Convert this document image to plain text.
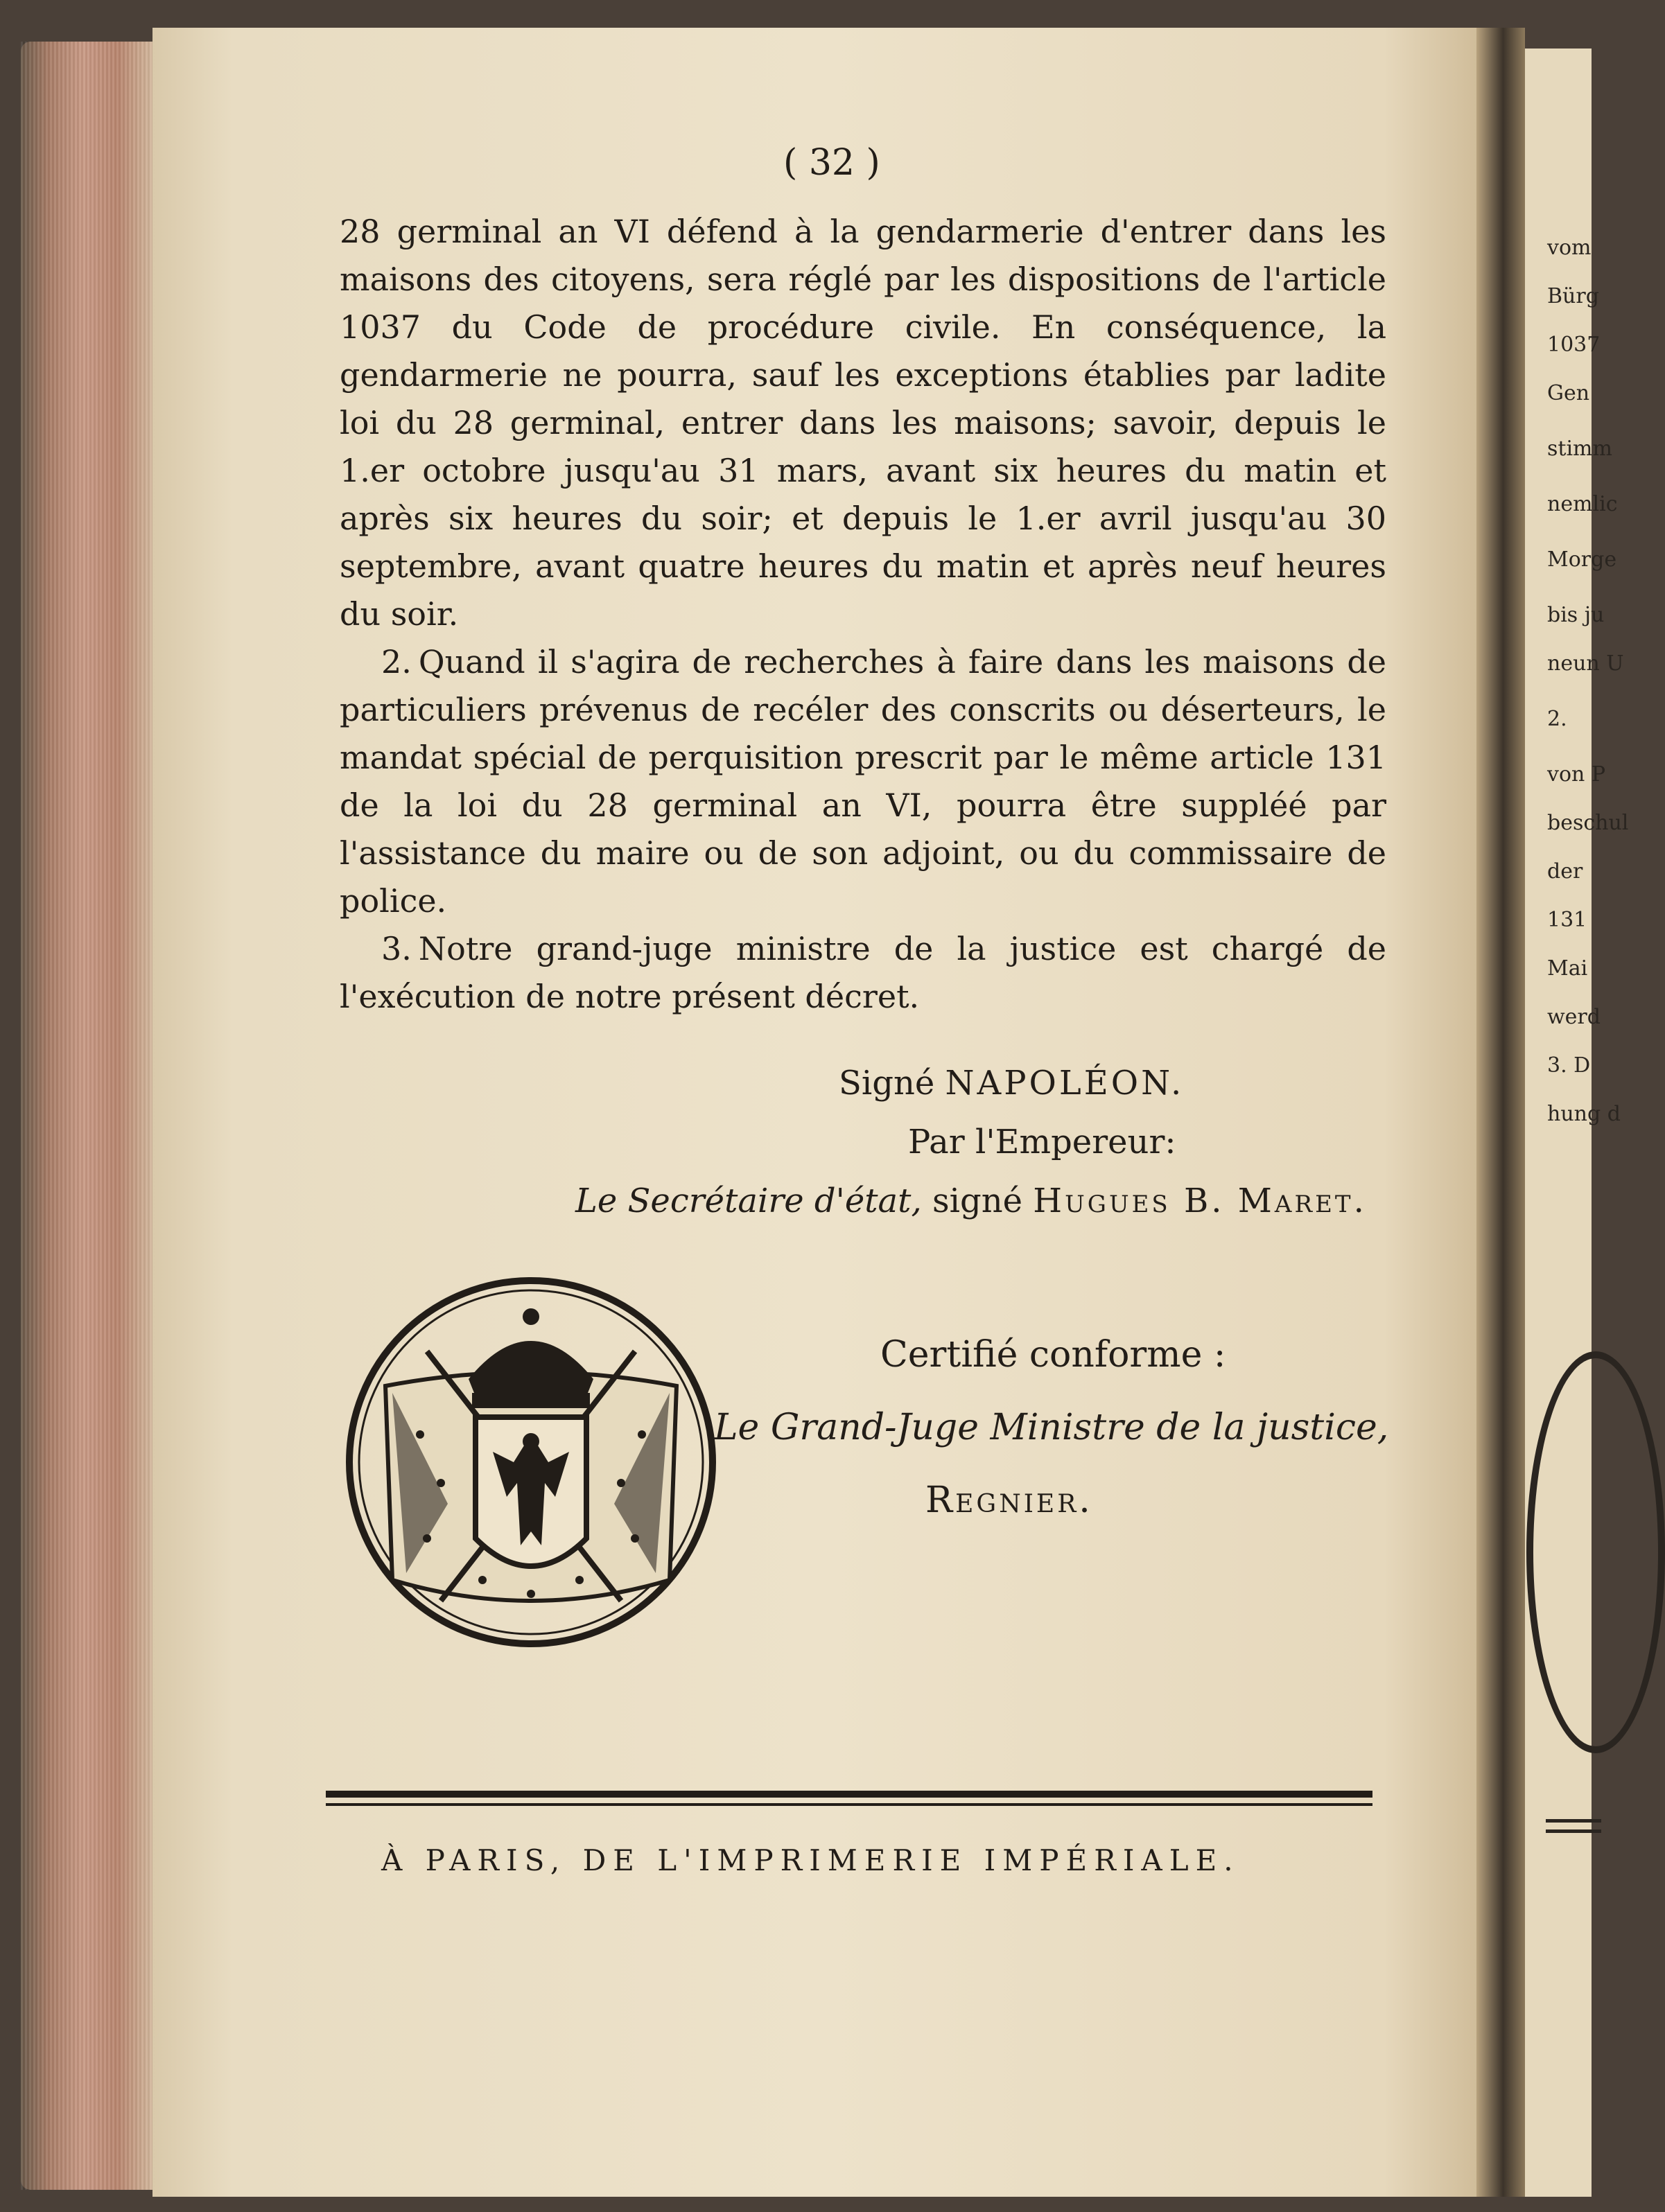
vom
Bürg
1037
Gen
stimm
nemlic
Morge
bis ju
neun U
2.
von P
beschul
der
131
Mai
werd
3. D
hung d
( 32 )

28 germinal an VI défend à la gendarmerie d'entrer dans les maisons des citoyens, sera réglé par les dispositions de l'article 1037 du Code de procédure civile. En conséquence, la gendarmerie ne pourra, sauf les exceptions établies par ladite loi du 28 germinal, entrer dans les maisons; savoir, depuis le 1.er octobre jusqu'au 31 mars, avant six heures du matin et après six heures du soir; et depuis le 1.er avril jusqu'au 30 septembre, avant quatre heures du matin et après neuf heures du soir.

2. Quand il s'agira de recherches à faire dans les maisons de particuliers prévenus de recéler des conscrits ou déserteurs, le mandat spécial de perquisition prescrit par le même article 131 de la loi du 28 germinal an VI, pourra être suppléé par l'assistance du maire ou de son adjoint, ou du commissaire de police.

3. Notre grand-juge ministre de la justice est chargé de l'exécution de notre présent décret.

Signé NAPOLÉON.
Par l'Empereur:
Le Secrétaire d'état, signé Hugues B. Maret.
Certifié conforme :
Le Grand-Juge Ministre de la justice,
Regnier.
À PARIS, DE L'IMPRIMERIE IMPÉRIALE.
